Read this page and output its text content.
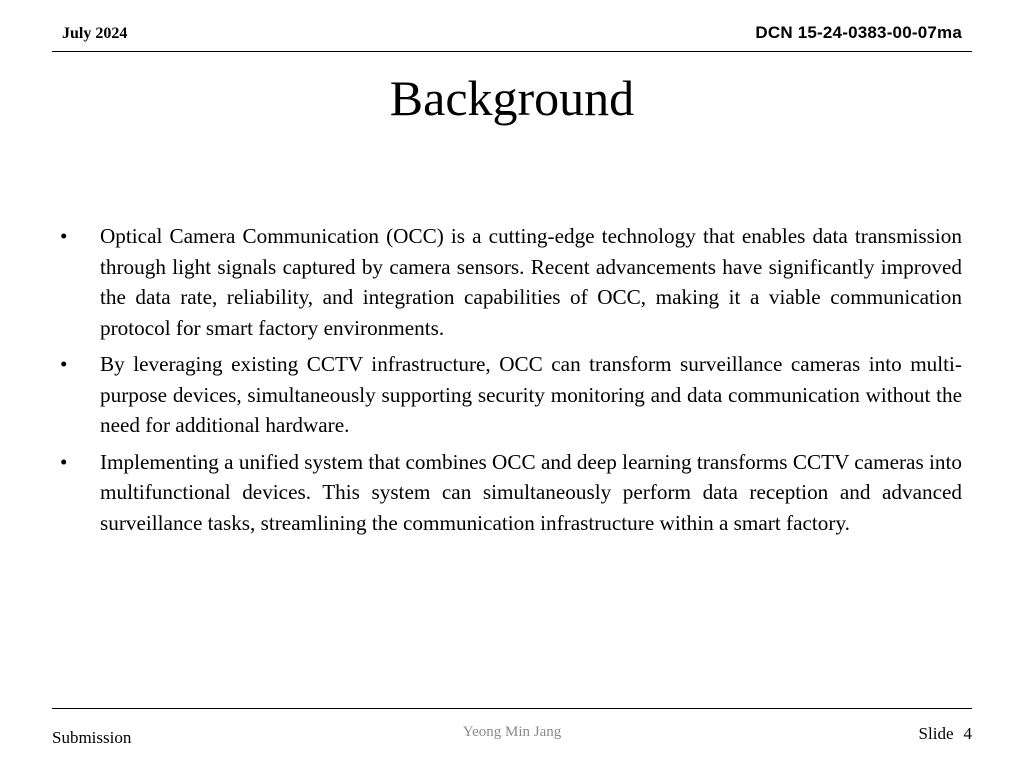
July 2024	DCN 15-24-0383-00-07ma
Background
•	Optical Camera Communication (OCC) is a cutting-edge technology that enables data transmission through light signals captured by camera sensors. Recent advancements have significantly improved the data rate, reliability, and integration capabilities of OCC, making it a viable communication protocol for smart factory environments.
•	By leveraging existing CCTV infrastructure, OCC can transform surveillance cameras into multi-purpose devices, simultaneously supporting security monitoring and data communication without the need for additional hardware.
•	Implementing a unified system that combines OCC and deep learning transforms CCTV cameras into multifunctional devices. This system can simultaneously perform data reception and advanced surveillance tasks, streamlining the communication infrastructure within a smart factory.
Submission	Yeong Min Jang	Slide 4
